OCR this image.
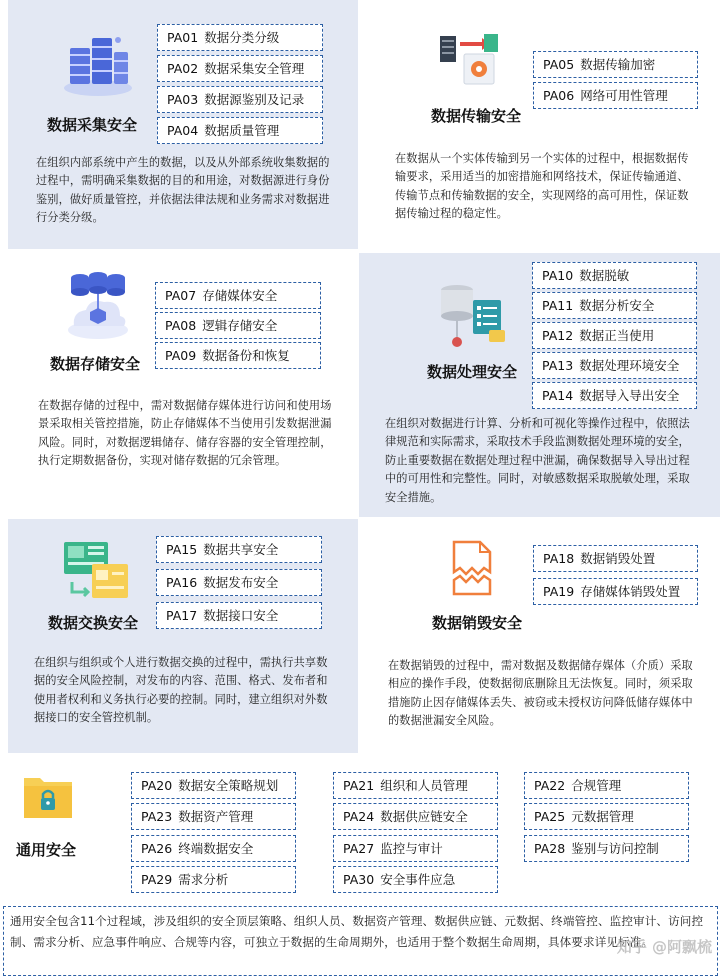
数据采集安全
PA01 数据分类分级
PA02 数据采集安全管理
PA03 数据源鉴别及记录
PA04 数据质量管理
在组织内部系统中产生的数据，以及从外部系统收集数据的过程中，需明确采集数据的目的和用途，对数据源进行身份鉴别，做好质量管控，并依据法律法规和业务需求对数据进行分类分级。
数据传输安全
PA05 数据传输加密
PA06 网络可用性管理
在数据从一个实体传输到另一个实体的过程中，根据数据传输要求，采用适当的加密措施和网络技术，保证传输通道、传输节点和传输数据的安全，实现网络的高可用性，保证数据传输过程的稳定性。
数据存储安全
PA07 存储媒体安全
PA08 逻辑存储安全
PA09 数据备份和恢复
在数据存储的过程中，需对数据储存媒体进行访问和使用场景采取相关管控措施，防止存储媒体不当使用引发数据泄漏风险。同时，对数据逻辑储存、储存容器的安全管理控制，执行定期数据备份，实现对储存数据的冗余管理。
数据处理安全
PA10 数据脱敏
PA11 数据分析安全
PA12 数据正当使用
PA13 数据处理环境安全
PA14 数据导入导出安全
在组织对数据进行计算、分析和可视化等操作过程中，依照法律规范和实际需求，采取技术手段监测数据处理环境的安全，防止重要数据在数据处理过程中泄漏，确保数据导入导出过程中的可用性和完整性。同时，对敏感数据采取脱敏处理，采取安全措施。
数据交换安全
PA15 数据共享安全
PA16 数据发布安全
PA17 数据接口安全
在组织与组织或个人进行数据交换的过程中，需执行共享数据的安全风险控制，对发布的内容、范围、格式、发布者和使用者权利和义务执行必要的控制。同时，建立组织对外数据接口的安全管控机制。
数据销毁安全
PA18 数据销毁处置
PA19 存储媒体销毁处置
在数据销毁的过程中，需对数据及数据储存媒体（介质）采取相应的操作手段，使数据彻底删除且无法恢复。同时，须采取措施防止因存储媒体丢失、被窃或未授权访问降低储存媒体中的数据泄漏安全风险。
通用安全
PA20 数据安全策略规划	PA21 组织和人员管理	PA22 合规管理
PA23 数据资产管理	PA24 数据供应链安全	PA25 元数据管理
PA26 终端数据安全	PA27 监控与审计	PA28 鉴别与访问控制
PA29 需求分析	PA30 安全事件应急
通用安全包含11个过程域，涉及组织的安全顶层策略、组织人员、数据资产管理、数据供应链、元数据、终端管控、监控审计、访问控制、需求分析、应急事件响应、合规等内容，可独立于数据的生命周期外，也适用于整个数据生命周期，具体要求详见标准。
知乎 @阿飘梳
